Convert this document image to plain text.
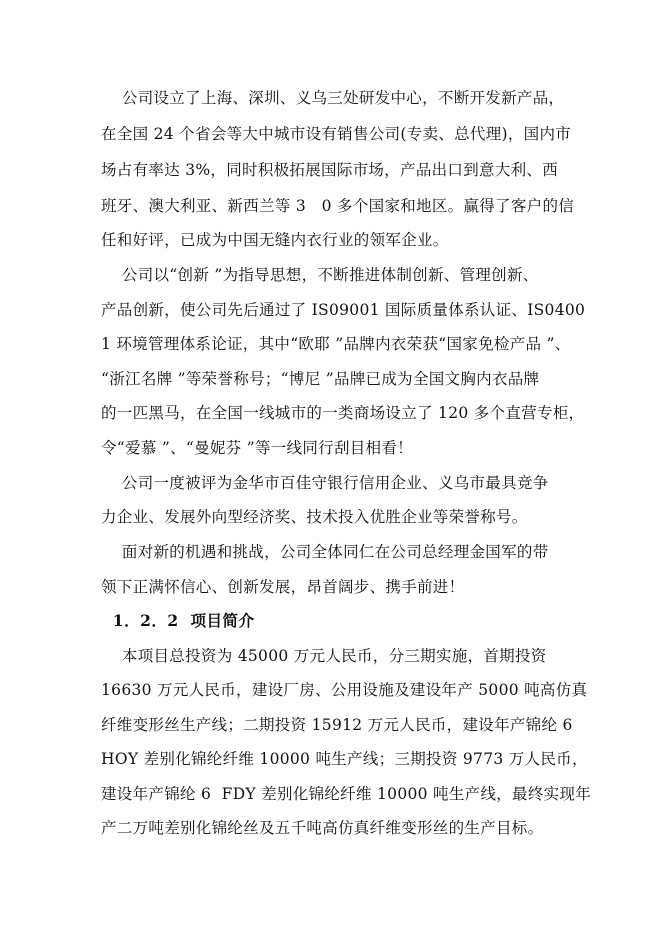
公司设立了上海、深圳、义乌三处研发中心，不断开发新产品，
在全国 24 个省会等大中城市设有销售公司(专卖、总代理)，国内市
场占有率达 3%，同时积极拓展国际市场，产品出口到意大利、西
班牙、澳大利亚、新西兰等 3   0 多个国家和地区。赢得了客户的信
任和好评，已成为中国无缝内衣行业的领军企业。
公司以“创新 ”为指导思想，不断推进体制创新、管理创新、
产品创新，使公司先后通过了 IS09001 国际质量体系认证、IS0400
1 环境管理体系论证，其中“欧耶 ”品牌内衣荣获“国家免检产品 ”、
“浙江名牌 ”等荣誉称号；“博尼 ”品牌已成为全国文胸内衣品牌
的一匹黑马，在全国一线城市的一类商场设立了 120 多个直营专柜，
令“爱慕 ”、“曼妮芬 ”等一线同行刮目相看！
公司一度被评为金华市百佳守银行信用企业、义乌市最具竞争
力企业、发展外向型经济奖、技术投入优胜企业等荣誉称号。
面对新的机遇和挑战，公司全体同仁在公司总经理金国军的带
领下正满怀信心、创新发展，昂首阔步、携手前进！
1．2．2  项目简介
本项目总投资为 45000 万元人民币，分三期实施，首期投资
16630 万元人民币，建设厂房、公用设施及建设年产 5000 吨高仿真
纤维变形丝生产线；二期投资 15912 万元人民币，建设年产锦纶 6
HOY 差别化锦纶纤维 10000 吨生产线；三期投资 9773 万人民币，
建设年产锦纶 6  FDY 差别化锦纶纤维 10000 吨生产线，最终实现年
产二万吨差别化锦纶丝及五千吨高仿真纤维变形丝的生产目标。
